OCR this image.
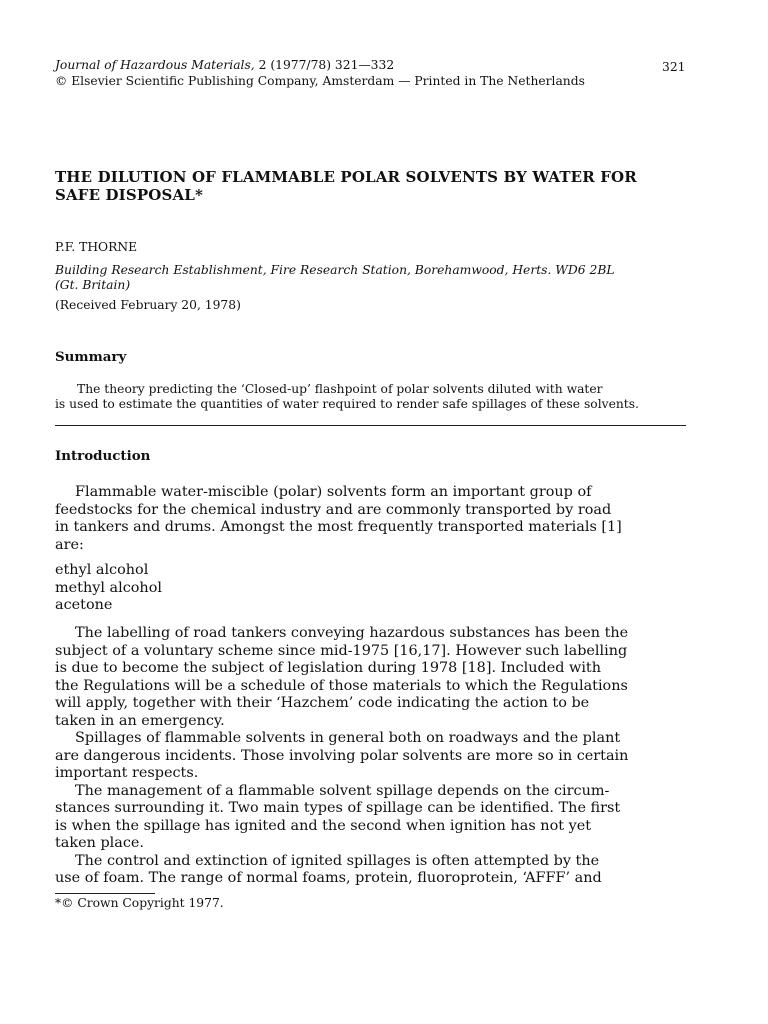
Journal of Hazardous Materials, 2 (1977/78) 321—332	321
© Elsevier Scientific Publishing Company, Amsterdam — Printed in The Netherlands
THE DILUTION OF FLAMMABLE POLAR SOLVENTS BY WATER FOR
SAFE DISPOSAL*
P.F. THORNE
Building Research Establishment, Fire Research Station, Borehamwood, Herts. WD6 2BL
(Gt. Britain)
(Received February 20, 1978)
Summary
The theory predicting the ‘Closed-up’ flashpoint of polar solvents diluted with water
is used to estimate the quantities of water required to render safe spillages of these solvents.
Introduction
Flammable water-miscible (polar) solvents form an important group of
feedstocks for the chemical industry and are commonly transported by road
in tankers and drums. Amongst the most frequently transported materials [1]
are:
ethyl alcohol
methyl alcohol
acetone
The labelling of road tankers conveying hazardous substances has been the
subject of a voluntary scheme since mid-1975 [16,17]. However such labelling
is due to become the subject of legislation during 1978 [18]. Included with
the Regulations will be a schedule of those materials to which the Regulations
will apply, together with their ‘Hazchem’ code indicating the action to be
taken in an emergency.
Spillages of flammable solvents in general both on roadways and the plant
are dangerous incidents. Those involving polar solvents are more so in certain
important respects.
The management of a flammable solvent spillage depends on the circum-
stances surrounding it. Two main types of spillage can be identified. The first
is when the spillage has ignited and the second when ignition has not yet
taken place.
The control and extinction of ignited spillages is often attempted by the
use of foam. The range of normal foams, protein, fluoroprotein, ‘AFFF’ and
*© Crown Copyright 1977.
